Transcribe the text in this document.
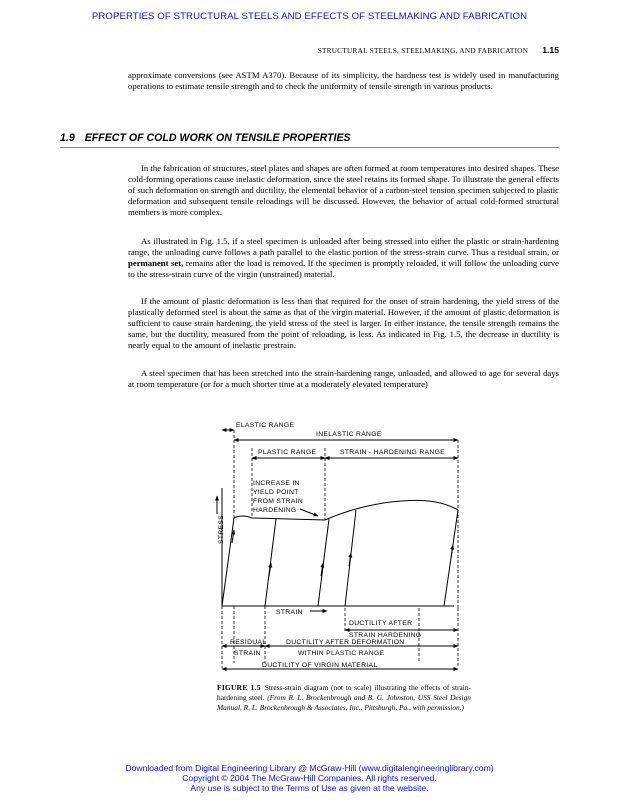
PROPERTIES OF STRUCTURAL STEELS AND EFFECTS OF STEELMAKING AND FABRICATION
STRUCTURAL STEELS, STEELMAKING, AND FABRICATION 1.15
approximate conversions (see ASTM A370). Because of its simplicity, the hardness test is widely used in manufacturing operations to estimate tensile strength and to check the uniformity of tensile strength in various products.
1.9 EFFECT OF COLD WORK ON TENSILE PROPERTIES
In the fabrication of structures, steel plates and shapes are often formed at room temperatures into desired shapes. These cold-forming operations cause inelastic deformation, since the steel retains its formed shape. To illustrate the general effects of such deformation on strength and ductility, the elemental behavior of a carbon-steel tension specimen subjected to plastic deformation and subsequent tensile reloadings will be discussed. However, the behavior of actual cold-formed structural members is more complex.
As illustrated in Fig. 1.5, if a steel specimen is unloaded after being stressed into either the plastic or strain-hardening range, the unloading curve follows a path parallel to the elastic portion of the stress-strain curve. Thus a residual strain, or permanent set, remains after the load is removed. If the specimen is promptly reloaded, it will follow the unloading curve to the stress-strain curve of the virgin (unstrained) material.
If the amount of plastic deformation is less than that required for the onset of strain hardening, the yield stress of the plastically deformed steel is about the same as that of the virgin material. However, if the amount of plastic deformation is sufficient to cause strain hardening, the yield stress of the steel is larger. In either instance, the tensile strength remains the same, but the ductility, measured from the point of reloading, is less. As indicated in Fig. 1.5, the decrease in ductility is nearly equal to the amount of inelastic prestrain.
A steel specimen that has been stretched into the strain-hardening range, unloaded, and allowed to age for several days at room temperature (or for a much shorter time at a moderately elevated temperature)
ELASTIC RANGE
INELASTIC RANGE
PLASTIC RANGE	STRAIN - HARDENING RANGE
INCREASE IN
YIELD POINT
FROM STRAIN
HARDENING
STRESS
STRAIN
DUCTILITY AFTER
STRAIN HARDENING
RESIDUAL
STRAIN
DUCTILITY AFTER DEFORMATION
WITHIN PLASTIC RANGE
DUCTILITY OF VIRGIN MATERIAL
FIGURE 1.5 Stress-strain diagram (not to scale) illustrating the effects of strain-hardening steel. (From R. L. Brockenbrough and B. G. Johnston, USS Steel Design Manual, R. L. Brockenbrough & Associates, Inc., Pittsburgh, Pa., with permission.)
Downloaded from Digital Engineering Library @ McGraw-Hill (www.digitalengineeringlibrary.com)
Copyright © 2004 The McGraw-Hill Companies. All rights reserved.
Any use is subject to the Terms of Use as given at the website.
